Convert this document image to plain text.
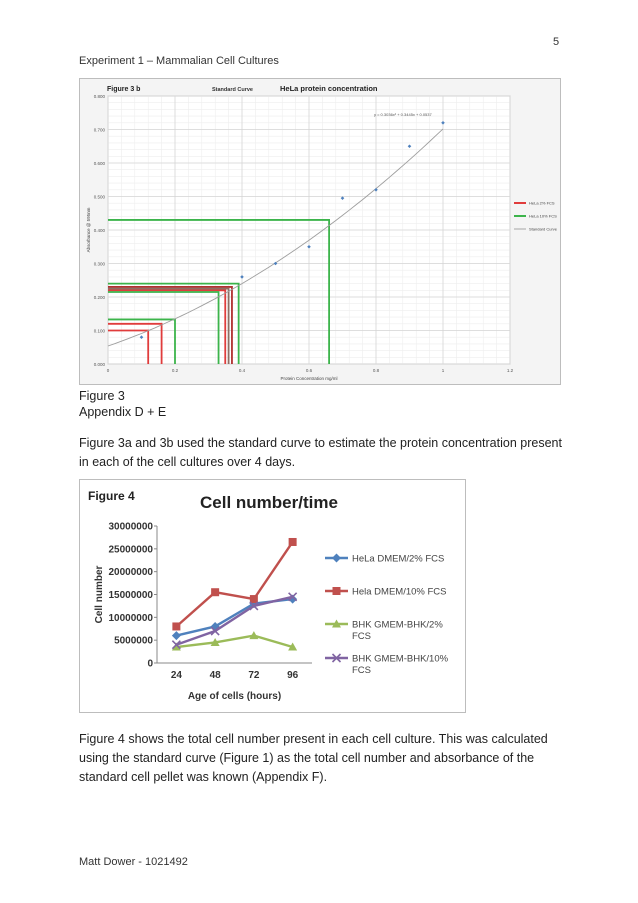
5
Experiment 1 – Mammalian Cell Cultures
0.000
0.100
0.200
0.300
0.400
0.500
0.600
0.700
0.800
0	0.2	0.4	0.6	0.8	1	1.2
Figure 3 b	Standard Curve	HeLa protein concentration
y = 0.3036x² + 0.3445x + 0.0537
Protein Concentration mg/ml
Absorbance @ 595nm
HeLa 2% FCS
HeLa 10% FCS
Standard Curve
Figure 3
Appendix D + E
Figure 3a and 3b used the standard curve to estimate the protein concentration present in each of the cell cultures over 4 days.
Figure 4	Cell number/time
0
5000000
10000000
15000000
20000000
25000000
30000000
24	48	72	96
Age of cells (hours)
Cell number
HeLa DMEM/2% FCS
Hela DMEM/10% FCS
BHK GMEM-BHK/2%
FCS
BHK GMEM-BHK/10%
FCS
Figure 4 shows the total cell number present in each cell culture. This was calculated using the standard curve (Figure 1) as the total cell number and absorbance of the standard cell pellet was known (Appendix F).
Matt Dower - 1021492
